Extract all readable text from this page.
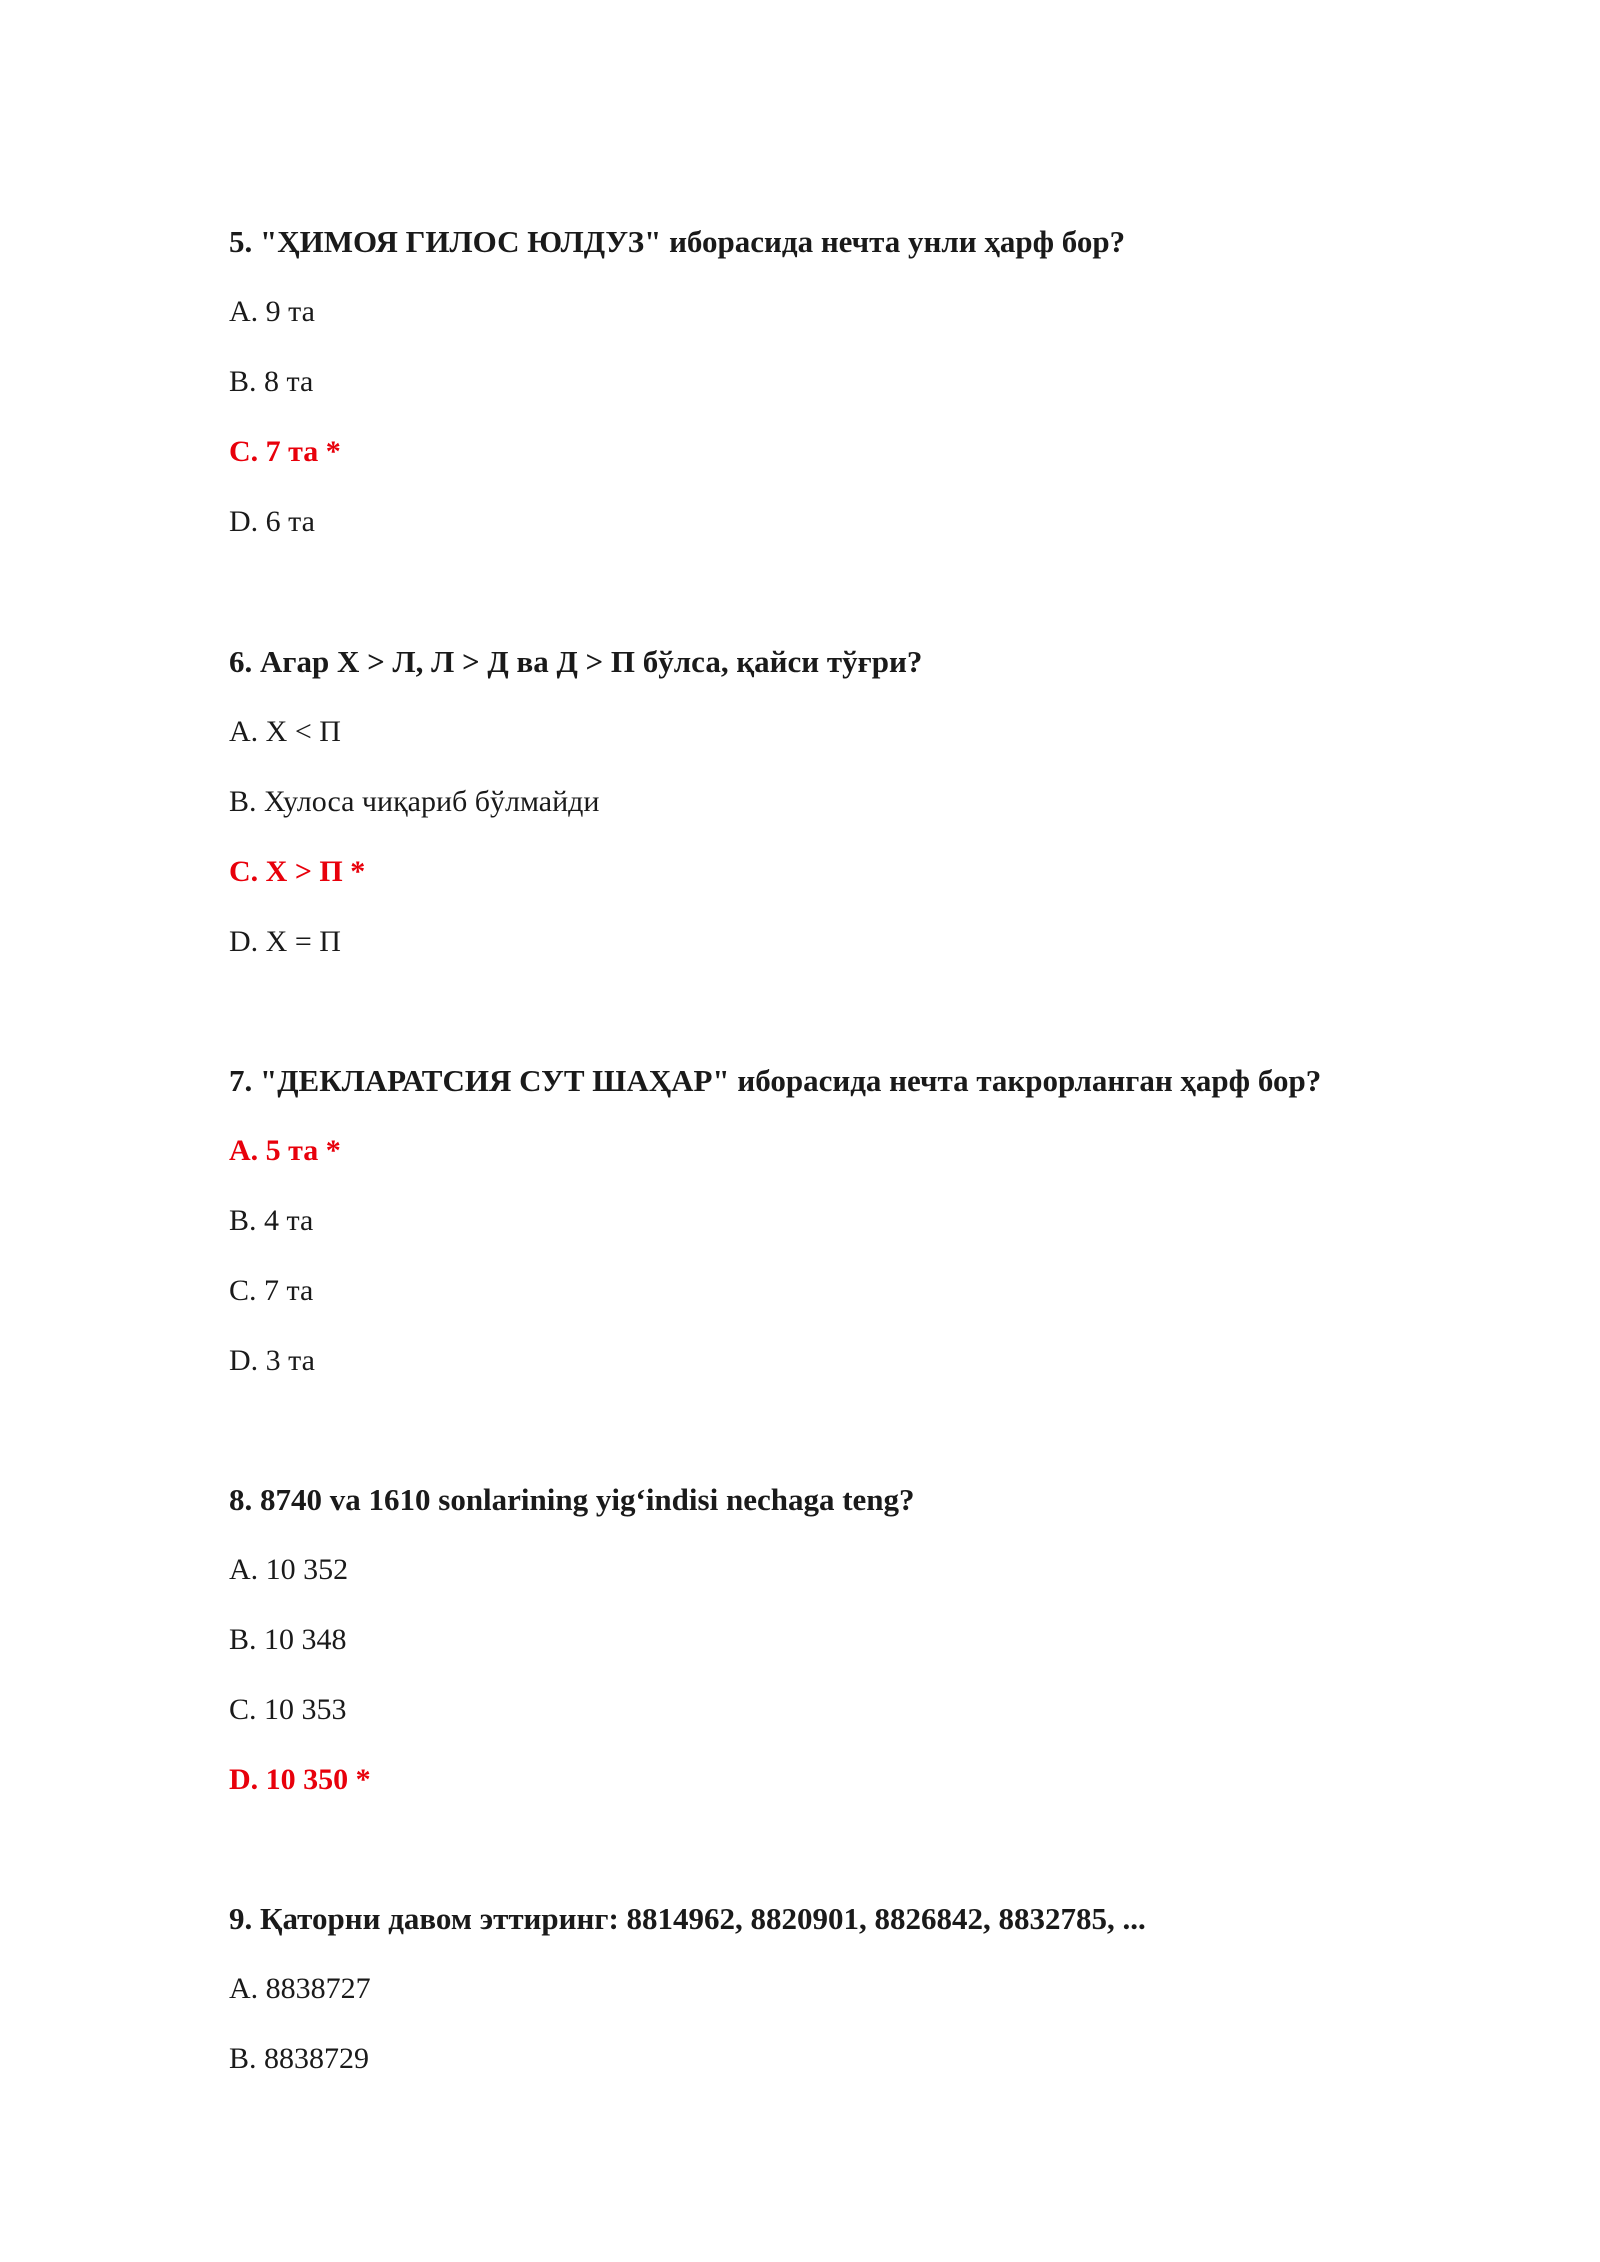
5. "ҲИМОЯ ГИЛОС ЮЛДУЗ" иборасида нечта унли ҳарф бор?

A. 9 та

B. 8 та

C. 7 та *

D. 6 та

6. Агар Х > Л, Л > Д ва Д > П бўлса, қайси тўғри?

A. Х < П

B. Хулоса чиқариб бўлмайди

C. Х > П *

D. Х = П

7. "ДЕКЛАРАТСИЯ СУТ ШАҲАР" иборасида нечта такрорланган ҳарф бор?

A. 5 та *

B. 4 та

C. 7 та

D. 3 та

8. 8740 va 1610 sonlarining yig‘indisi nechaga teng?

A. 10 352

B. 10 348

C. 10 353

D. 10 350 *

9. Қаторни давом эттиринг: 8814962, 8820901, 8826842, 8832785, ...

A. 8838727

B. 8838729
